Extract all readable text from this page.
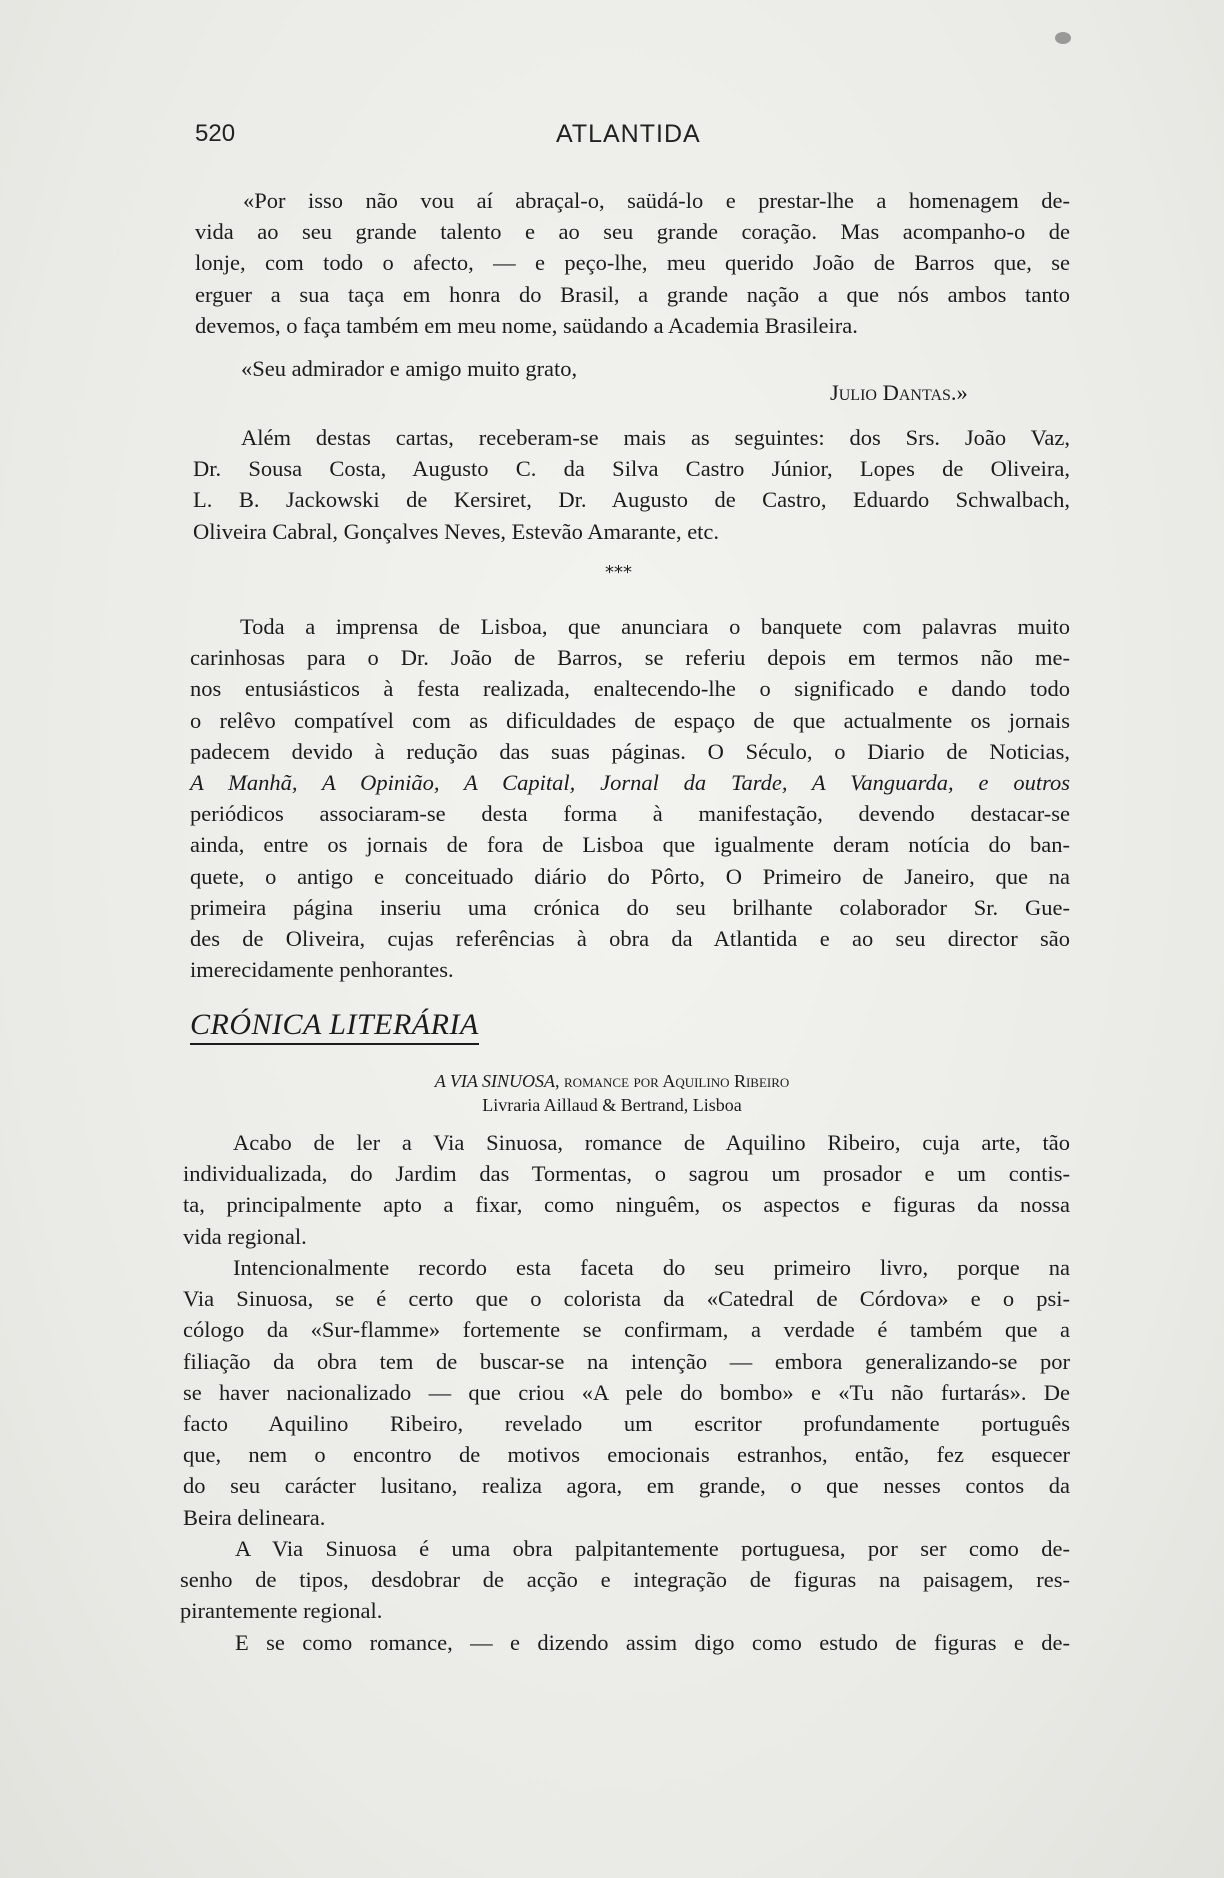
520	ATLANTIDA
«Por isso não vou aí abraçal-o, saüdá-lo e prestar-lhe a homenagem de-
vida ao seu grande talento e ao seu grande coração. Mas acompanho-o de
lonje, com todo o afecto, — e peço-lhe, meu querido João de Barros que, se
erguer a sua taça em honra do Brasil, a grande nação a que nós ambos tanto
devemos, o faça também em meu nome, saüdando a Academia Brasileira.
«Seu admirador e amigo muito grato,
Julio Dantas.»
Além destas cartas, receberam-se mais as seguintes: dos Srs. João Vaz,
Dr. Sousa Costa, Augusto C. da Silva Castro Júnior, Lopes de Oliveira,
L. B. Jackowski de Kersiret, Dr. Augusto de Castro, Eduardo Schwalbach,
Oliveira Cabral, Gonçalves Neves, Estevão Amarante, etc.
***
Toda a imprensa de Lisboa, que anunciara o banquete com palavras muito
carinhosas para o Dr. João de Barros, se referiu depois em termos não me-
nos entusiásticos à festa realizada, enaltecendo-lhe o significado e dando todo
o relêvo compatível com as dificuldades de espaço de que actualmente os jornais
padecem devido à redução das suas páginas. O Século, o Diario de Noticias,
A Manhã, A Opinião, A Capital, Jornal da Tarde, A Vanguarda, e outros
periódicos associaram-se desta forma à manifestação, devendo destacar-se
ainda, entre os jornais de fora de Lisboa que igualmente deram notícia do ban-
quete, o antigo e conceituado diário do Pôrto, O Primeiro de Janeiro, que na
primeira página inseriu uma crónica do seu brilhante colaborador Sr. Gue-
des de Oliveira, cujas referências à obra da Atlantida e ao seu director são
imerecidamente penhorantes.
CRÓNICA LITERÁRIA
A VIA SINUOSA, romance por Aquilino Ribeiro
Livraria Aillaud & Bertrand, Lisboa
Acabo de ler a Via Sinuosa, romance de Aquilino Ribeiro, cuja arte, tão
individualizada, do Jardim das Tormentas, o sagrou um prosador e um contis-
ta, principalmente apto a fixar, como ninguêm, os aspectos e figuras da nossa
vida regional.
Intencionalmente recordo esta faceta do seu primeiro livro, porque na
Via Sinuosa, se é certo que o colorista da «Catedral de Córdova» e o psi-
cólogo da «Sur-flamme» fortemente se confirmam, a verdade é também que a
filiação da obra tem de buscar-se na intenção — embora generalizando-se por
se haver nacionalizado — que criou «A pele do bombo» e «Tu não furtarás». De
facto Aquilino Ribeiro, revelado um escritor profundamente português
que, nem o encontro de motivos emocionais estranhos, então, fez esquecer
do seu carácter lusitano, realiza agora, em grande, o que nesses contos da
Beira delineara.
A Via Sinuosa é uma obra palpitantemente portuguesa, por ser como de-
senho de tipos, desdobrar de acção e integração de figuras na paisagem, res-
pirantemente regional.
E se como romance, — e dizendo assim digo como estudo de figuras e de-
